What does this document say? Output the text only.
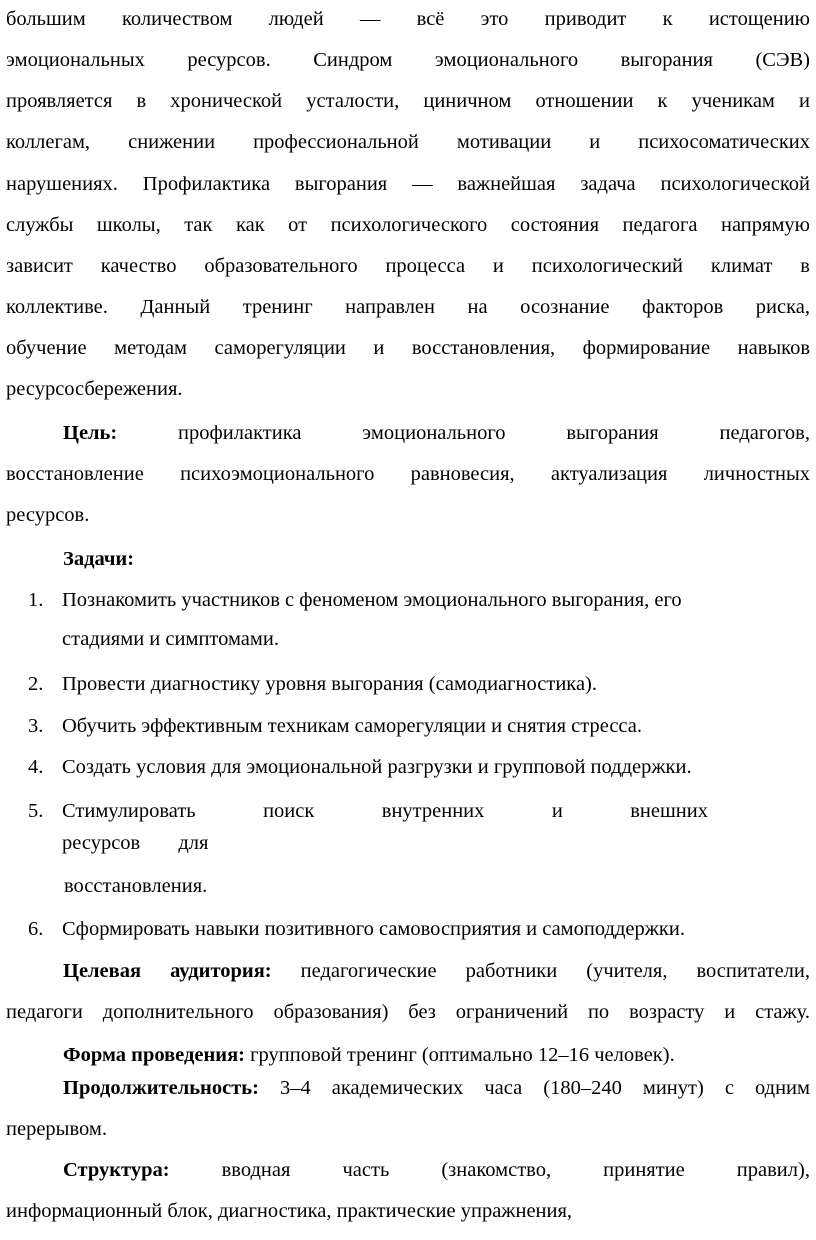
большим количеством людей — всё это приводит к истощению
эмоциональных ресурсов. Синдром эмоционального выгорания (СЭВ)
проявляется в хронической усталости, циничном отношении к ученикам и
коллегам, снижении профессиональной мотивации и психосоматических
нарушениях. Профилактика выгорания — важнейшая задача психологической
службы школы, так как от психологического состояния педагога напрямую
зависит качество образовательного процесса и психологический климат в
коллективе. Данный тренинг направлен на осознание факторов риска,
обучение методам саморегуляции и восстановления, формирование навыков
ресурсосбережения.
Цель:	профилактика	эмоционального	выгорания	педагогов,
восстановление психоэмоционального равновесия, актуализация личностных
ресурсов.
Задачи:
1. Познакомить участников с феноменом эмоционального выгорания, его
стадиями и симптомами.
2. Провести диагностику уровня выгорания (самодиагностика).
3. Обучить эффективным техникам саморегуляции и снятия стресса.
4. Создать условия для эмоциональной разгрузки и групповой поддержки.
5. Стимулировать	поиск	внутренних	и	внешних
ресурсов для
восстановления.
6. Сформировать навыки позитивного самовосприятия и самоподдержки.
Целевая аудитория: педагогические работники (учителя, воспитатели,
педагоги дополнительного образования) без ограничений по возрасту и стажу.
Форма проведения: групповой тренинг (оптимально 12–16 человек).
Продолжительность: 3–4 академических часа (180–240 минут) с одним
перерывом.
Структура:	вводная	часть	(знакомство,	принятие	правил),
информационный блок, диагностика, практические упражнения,
